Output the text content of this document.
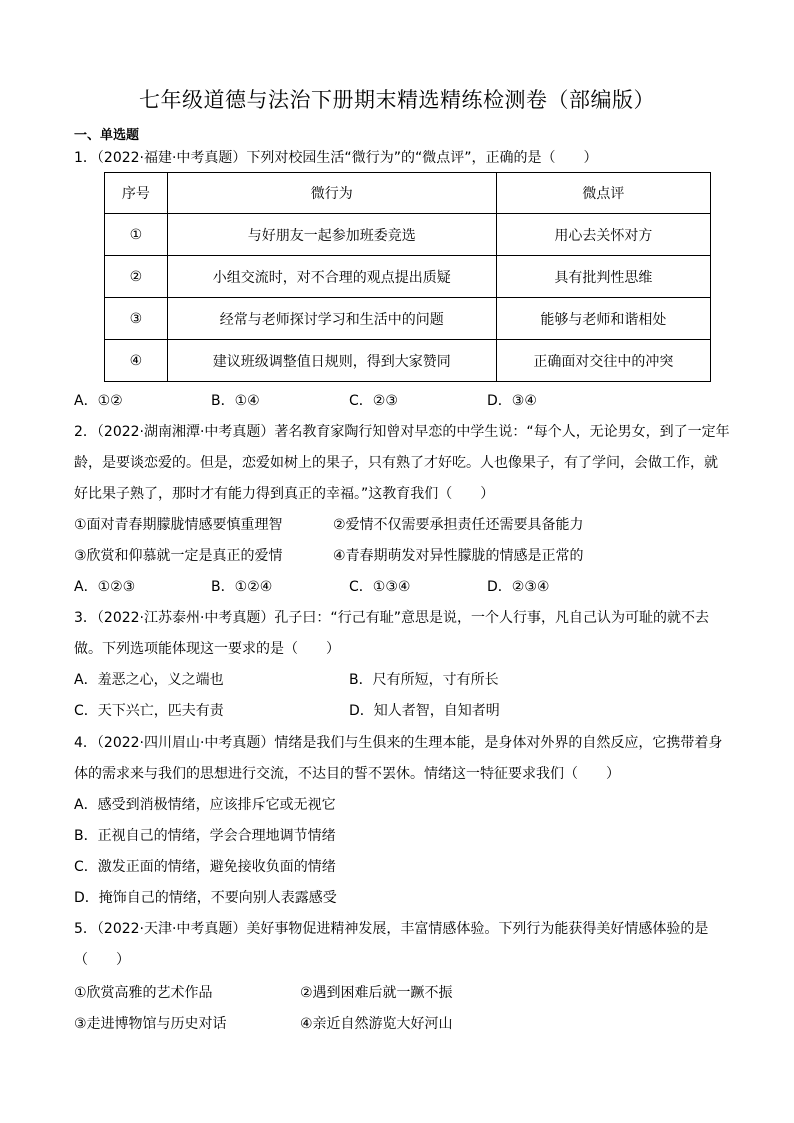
七年级道德与法治下册期末精选精练检测卷（部编版）
一、单选题
1．（2022·福建·中考真题）下列对校园生活“微行为”的“微点评”，正确的是（　　）
序号	微行为	微点评
①	与好朋友一起参加班委竞选	用心去关怀对方
②	小组交流时，对不合理的观点提出质疑	具有批判性思维
③	经常与老师探讨学习和生活中的问题	能够与老师和谐相处
④	建议班级调整值日规则，得到大家赞同	正确面对交往中的冲突
A．①②	B．①④	C．②③	D．③④
2．（2022·湖南湘潭·中考真题）著名教育家陶行知曾对早恋的中学生说：“每个人，无论男女，到了一定年
龄，是要谈恋爱的。但是，恋爱如树上的果子，只有熟了才好吃。人也像果子，有了学问，会做工作，就
好比果子熟了，那时才有能力得到真正的幸福。”这教育我们（　　）
①面对青春期朦胧情感要慎重理智	②爱情不仅需要承担责任还需要具备能力
③欣赏和仰慕就一定是真正的爱情	④青春期萌发对异性朦胧的情感是正常的
A．①②③	B．①②④	C．①③④	D．②③④
3．（2022·江苏泰州·中考真题）孔子曰：“行己有耻”意思是说，一个人行事，凡自己认为可耻的就不去
做。下列选项能体现这一要求的是（　　）
A．羞恶之心，义之端也	B．尺有所短，寸有所长
C．天下兴亡，匹夫有责	D．知人者智，自知者明
4．（2022·四川眉山·中考真题）情绪是我们与生俱来的生理本能，是身体对外界的自然反应，它携带着身
体的需求来与我们的思想进行交流，不达目的誓不罢休。情绪这一特征要求我们（　　）
A．感受到消极情绪，应该排斥它或无视它
B．正视自己的情绪，学会合理地调节情绪
C．激发正面的情绪，避免接收负面的情绪
D．掩饰自己的情绪，不要向别人表露感受
5．（2022·天津·中考真题）美好事物促进精神发展，丰富情感体验。下列行为能获得美好情感体验的是
（　　）
①欣赏高雅的艺术作品	②遇到困难后就一蹶不振
③走进博物馆与历史对话	④亲近自然游览大好河山
